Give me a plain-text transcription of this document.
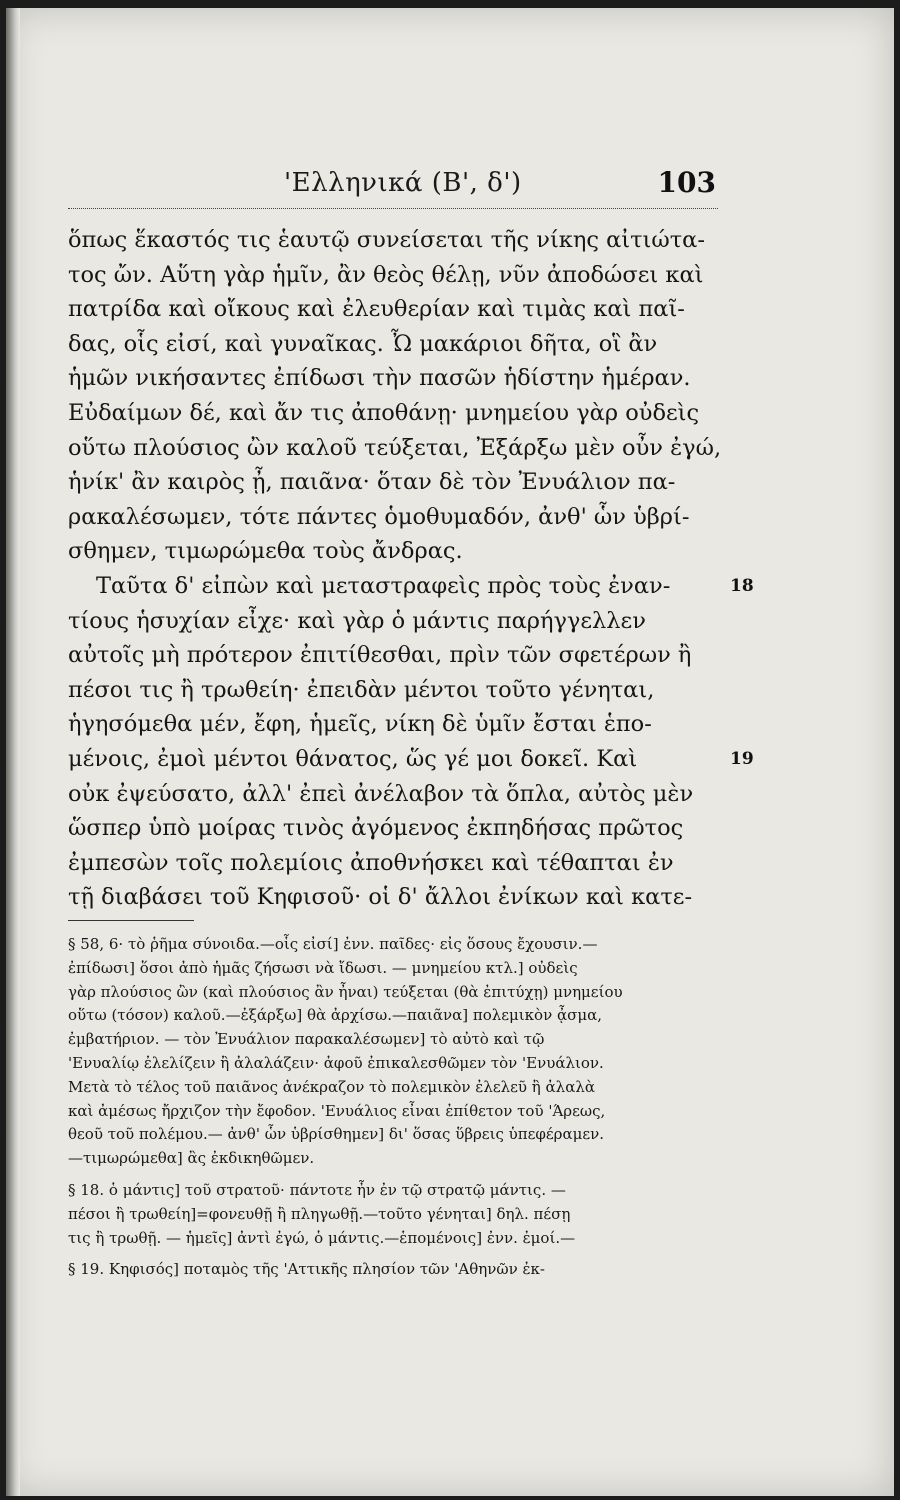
'Ελληνικά (Β', δ')	103
ὅπως ἕκαστός τις ἑαυτῷ συνείσεται τῆς νίκης αἰτιώτα-
τος ὤν. Αὕτη γὰρ ἡμῖν, ἂν θεὸς θέλῃ, νῦν ἀποδώσει καὶ
πατρίδα καὶ οἴκους καὶ ἐλευθερίαν καὶ τιμὰς καὶ παῖ-
δας, οἷς εἰσί, καὶ γυναῖκας. Ὦ μακάριοι δῆτα, οἳ ἂν
ἡμῶν νικήσαντες ἐπίδωσι τὴν πασῶν ἡδίστην ἡμέραν.
Εὐδαίμων δέ, καὶ ἄν τις ἀποθάνῃ· μνημείου γὰρ οὐδεὶς
οὕτω πλούσιος ὢν καλοῦ τεύξεται, Ἐξάρξω μὲν οὖν ἐγώ,
ἡνίκ' ἂν καιρὸς ᾖ, παιᾶνα· ὅταν δὲ τὸν Ἐνυάλιον πα-
ρακαλέσωμεν, τότε πάντες ὁμοθυμαδόν, ἀνθ' ὧν ὑβρί-
σθημεν, τιμωρώμεθα τοὺς ἄνδρας.
Ταῦτα δ' εἰπὼν καὶ μεταστραφεὶς πρὸς τοὺς ἐναν-	18
τίους ἡσυχίαν εἶχε· καὶ γὰρ ὁ μάντις παρήγγελλεν
αὐτοῖς μὴ πρότερον ἐπιτίθεσθαι, πρὶν τῶν σφετέρων ἢ
πέσοι τις ἢ τρωθείη· ἐπειδὰν μέντοι τοῦτο γένηται,
ἡγησόμεθα μέν, ἔφη, ἡμεῖς, νίκη δὲ ὑμῖν ἔσται ἑπο-
μένοις, ἐμοὶ μέντοι θάνατος, ὥς γέ μοι δοκεῖ. Καὶ	19
οὐκ ἐψεύσατο, ἀλλ' ἐπεὶ ἀνέλαβον τὰ ὅπλα, αὐτὸς μὲν
ὥσπερ ὑπὸ μοίρας τινὸς ἀγόμενος ἐκπηδήσας πρῶτος
ἐμπεσὼν τοῖς πολεμίοις ἀποθνήσκει καὶ τέθαπται ἐν
τῇ διαβάσει τοῦ Κηφισοῦ· οἱ δ' ἄλλοι ἐνίκων καὶ κατε-
§ 58, 6· τὸ ῥῆμα σύνοιδα.—οἷς εἰσί] ἐνν. παῖδες· εἰς ὅσους ἔχουσιν.—
ἐπίδωσι] ὅσοι ἀπὸ ἡμᾶς ζήσωσι νὰ ἴδωσι. — μνημείου κτλ.] οὐδεὶς
γὰρ πλούσιος ὢν (καὶ πλούσιος ἂν ἦναι) τεύξεται (θὰ ἐπιτύχῃ) μνημείου
οὕτω (τόσον) καλοῦ.—ἐξάρξω] θὰ ἀρχίσω.—παιᾶνα] πολεμικὸν ᾆσμα,
ἐμβατήριον. — τὸν Ἐνυάλιον παρακαλέσωμεν] τὸ αὐτὸ καὶ τῷ
'Ενυαλίῳ ἐλελίζειν ἢ ἀλαλάζειν· ἀφοῦ ἐπικαλεσθῶμεν τὸν 'Ενυάλιον.
Μετὰ τὸ τέλος τοῦ παιᾶνος ἀνέκραζον τὸ πολεμικὸν ἐλελεῦ ἢ ἀλαλὰ
καὶ ἀμέσως ἤρχιζον τὴν ἔφοδον. 'Ενυάλιος εἶναι ἐπίθετον τοῦ 'Άρεως,
θεοῦ τοῦ πολέμου.— ἀνθ' ὧν ὑβρίσθημεν] δι' ὅσας ὕβρεις ὑπεφέραμεν.
—τιμωρώμεθα] ἂς ἐκδικηθῶμεν.
§ 18. ὁ μάντις] τοῦ στρατοῦ· πάντοτε ἦν ἐν τῷ στρατῷ μάντις. —
πέσοι ἢ τρωθείη]=φονευθῇ ἢ πληγωθῇ.—τοῦτο γένηται] δηλ. πέσῃ
τις ἢ τρωθῇ. — ἡμεῖς] ἀντὶ ἐγώ, ὁ μάντις.—ἑπομένοις] ἐνν. ἐμοί.—
§ 19. Κηφισός] ποταμὸς τῆς 'Αττικῆς πλησίον τῶν 'Αθηνῶν ἐκ-
